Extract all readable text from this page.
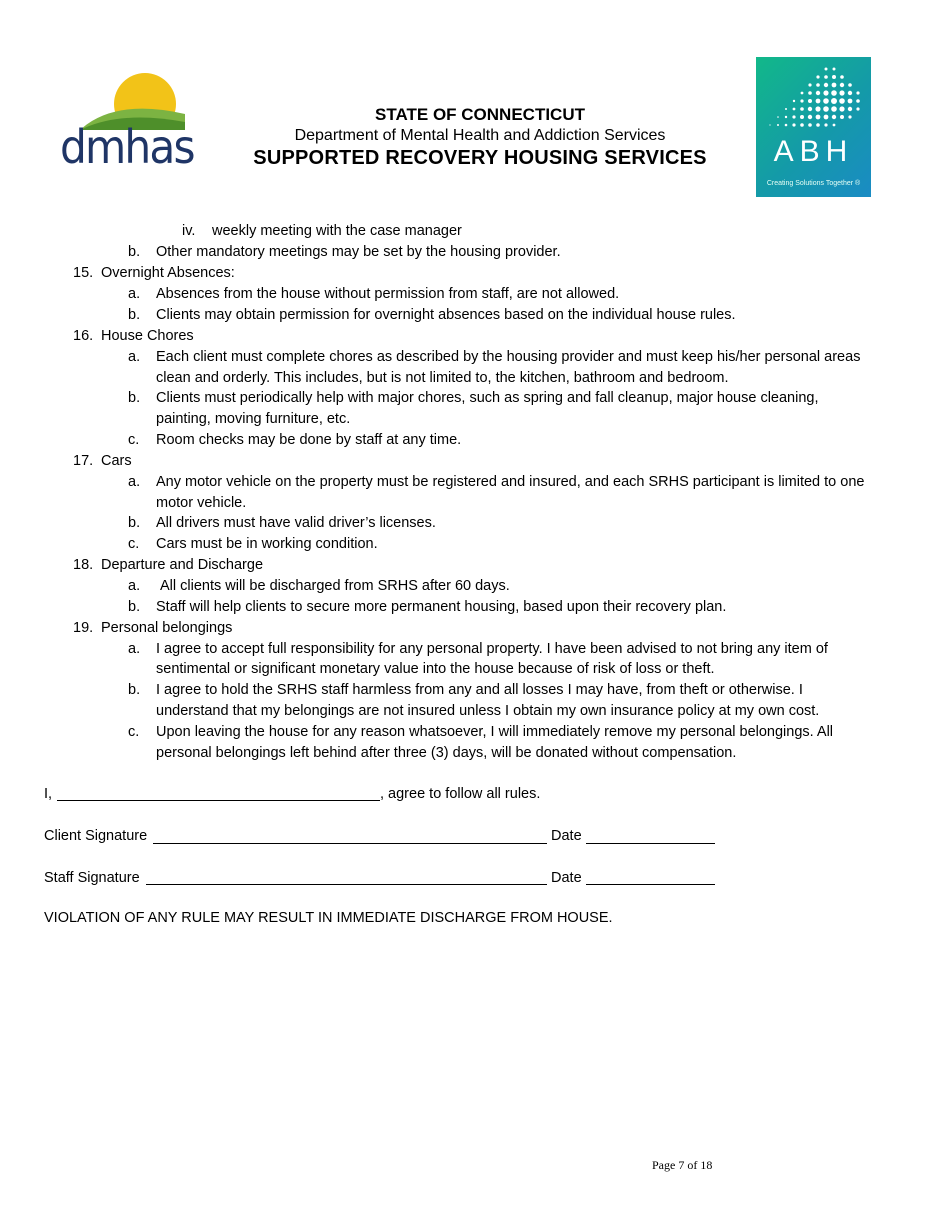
dmhas
STATE OF CONNECTICUT
Department of Mental Health and Addiction Services
SUPPORTED RECOVERY HOUSING SERVICES	ABH
Creating Solutions Together ®
iv. weekly meeting with the case manager
b. Other mandatory meetings may be set by the housing provider.
15. Overnight Absences:
a. Absences from the house without permission from staff, are not allowed.
b. Clients may obtain permission for overnight absences based on the individual house rules.
16. House Chores
a. Each client must complete chores as described by the housing provider and must keep his/her personal areas
clean and orderly. This includes, but is not limited to, the kitchen, bathroom and bedroom.
b. Clients must periodically help with major chores, such as spring and fall cleanup, major house cleaning,
painting, moving furniture, etc.
c. Room checks may be done by staff at any time.
17. Cars
a. Any motor vehicle on the property must be registered and insured, and each SRHS participant is limited to one
motor vehicle.
b. All drivers must have valid driver’s licenses.
c. Cars must be in working condition.
18. Departure and Discharge
a. All clients will be discharged from SRHS after 60 days.
b. Staff will help clients to secure more permanent housing, based upon their recovery plan.
19. Personal belongings
a. I agree to accept full responsibility for any personal property. I have been advised to not bring any item of
sentimental or significant monetary value into the house because of risk of loss or theft.
b. I agree to hold the SRHS staff harmless from any and all losses I may have, from theft or otherwise. I
understand that my belongings are not insured unless I obtain my own insurance policy at my own cost.
c. Upon leaving the house for any reason whatsoever, I will immediately remove my personal belongings. All
personal belongings left behind after three (3) days, will be donated without compensation.
I,	, agree to follow all rules.
Client Signature	Date
Staff Signature	Date
VIOLATION OF ANY RULE MAY RESULT IN IMMEDIATE DISCHARGE FROM HOUSE.
Page 7 of 18
